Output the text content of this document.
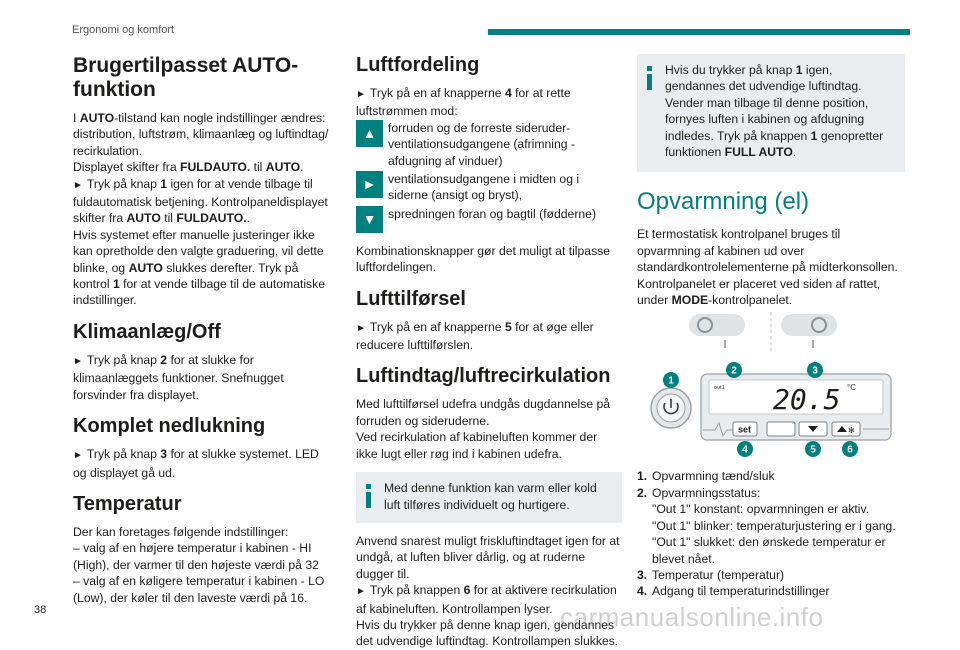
Ergonomi og komfort
Brugertilpasset AUTO-funktion

I AUTO-tilstand kan nogle indstillinger ændres: distribution, luftstrøm, klimaanlæg og luftindtag/ recirkulation.

Displayet skifter fra FULDAUTO. til AUTO.

► Tryk på knap 1 igen for at vende tilbage til fuldautomatisk betjening. Kontrolpaneldisplayet skifter fra AUTO til FULDAUTO..

Hvis systemet efter manuelle justeringer ikke kan opretholde den valgte graduering, vil dette blinke, og AUTO slukkes derefter. Tryk på kontrol 1 for at vende tilbage til de automatiske indstillinger.

Klimaanlæg/Off

► Tryk på knap 2 for at slukke for klimaanlæggets funktioner. Snefnugget forsvinder fra displayet.

Komplet nedlukning

► Tryk på knap 3 for at slukke systemet. LED og displayet gå ud.

Temperatur

Der kan foretages følgende indstillinger:

– valg af en højere temperatur i kabinen - HI (High), der varmer til den højeste værdi på 32

– valg af en køligere temperatur i kabinen - LO (Low), der køler til den laveste værdi på 16.

Luftfordeling

► Tryk på en af knapperne 4 for at rette luftstrømmen mod:

▲ forruden og de forreste sideruder-ventilationsudgangene (afrimning - afdugning af vinduer)
► ventilationsudgangene i midten og i siderne (ansigt og bryst),
▼ spredningen foran og bagtil (fødderne)

Kombinationsknapper gør det muligt at tilpasse luftfordelingen.

Lufttilførsel

► Tryk på en af knapperne 5 for at øge eller reducere lufttilførslen.

Luftindtag/luftrecirkulation

Med lufttilførsel udefra undgås dugdannelse på forruden og sideruderne.

Ved recirkulation af kabineluften kommer der ikke lugt eller røg ind i kabinen udefra.

Med denne funktion kan varm eller kold luft tilføres individuelt og hurtigere.

Anvend snarest muligt friskluftindtaget igen for at undgå, at luften bliver dårlig, og at ruderne dugger til.

► Tryk på knappen 6 for at aktivere recirkulation af kabineluften. Kontrollampen lyser.

Hvis du trykker på denne knap igen, gendannes det udvendige luftindtag. Kontrollampen slukkes.

Hvis du trykker på knap 1 igen, gendannes det udvendige luftindtag. Vender man tilbage til denne position, fornyes luften i kabinen og afdugning indledes. Tryk på knappen 1 genopretter funktionen FULL AUTO.
Opvarmning (el)

Et termostatisk kontrolpanel bruges til opvarmning af kabinen ud over standardkontrolelementerne på midterkonsollen. Kontrolpanelet er placeret ved siden af rattet, under MODE-kontrolpanelet.

out1 20.5 °C
set	✻
1
2	3
4	5	6
1. Opvarmning tænd/sluk
2. Opvarmningsstatus:
"Out 1" konstant: opvarmningen er aktiv.
"Out 1" blinker: temperaturjustering er i gang.
"Out 1" slukket: den ønskede temperatur er blevet nået.
3. Temperatur (temperatur)
4. Adgang til temperaturindstillinger
38	carmanualsonline.info
